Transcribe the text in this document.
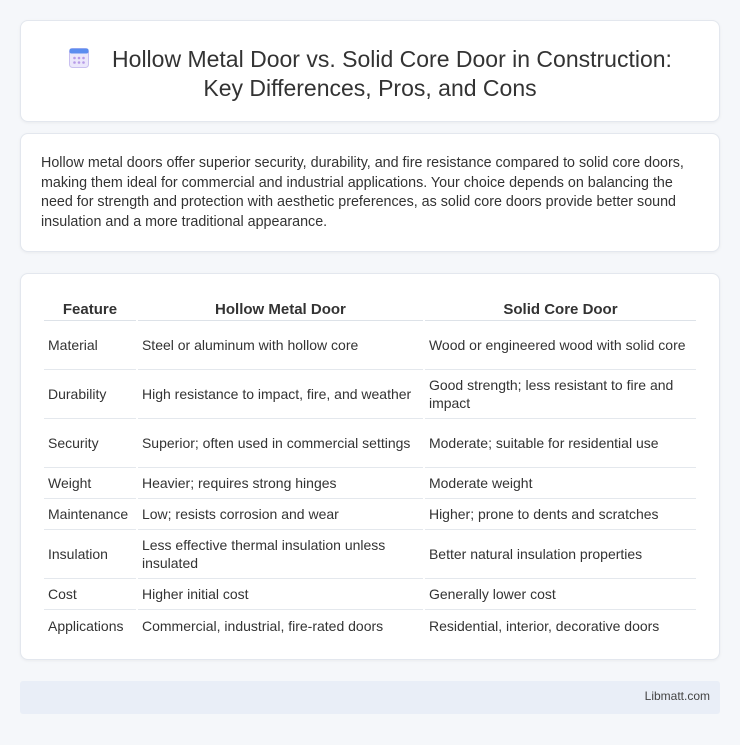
Hollow Metal Door vs. Solid Core Door in Construction:
Key Differences, Pros, and Cons

Hollow metal doors offer superior security, durability, and fire resistance compared to solid core doors, making them ideal for commercial and industrial applications. Your choice depends on balancing the need for strength and protection with aesthetic preferences, as solid core doors provide better sound insulation and a more traditional appearance.

Feature	Hollow Metal Door	Solid Core Door
Material	Steel or aluminum with hollow core	Wood or engineered wood with solid core
Durability	High resistance to impact, fire, and weather	Good strength; less resistant to fire and impact
Security	Superior; often used in commercial settings	Moderate; suitable for residential use
Weight	Heavier; requires strong hinges	Moderate weight
Maintenance	Low; resists corrosion and wear	Higher; prone to dents and scratches
Insulation	Less effective thermal insulation unless insulated	Better natural insulation properties
Cost	Higher initial cost	Generally lower cost
Applications	Commercial, industrial, fire-rated doors	Residential, interior, decorative doors
Libmatt.com
